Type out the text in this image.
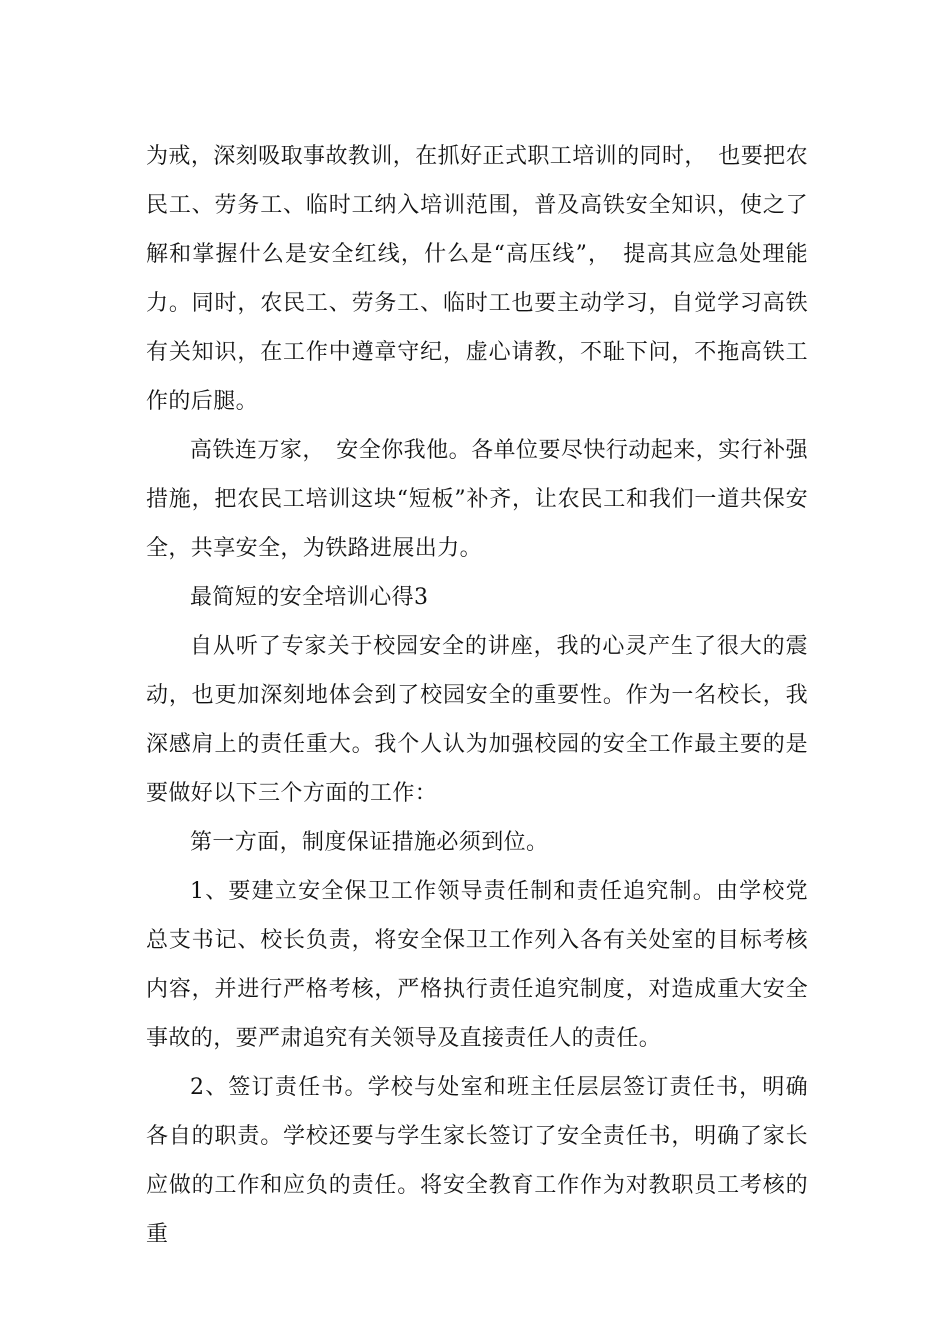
为戒，深刻吸取事故教训，在抓好正式职工培训的同时，　也要把农民工、劳务工、临时工纳入培训范围，普及高铁安全知识，使之了解和掌握什么是安全红线，什么是“高压线”，　提高其应急处理能力。同时，农民工、劳务工、临时工也要主动学习，自觉学习高铁有关知识，在工作中遵章守纪，虚心请教，不耻下问，不拖高铁工作的后腿。

高铁连万家，　安全你我他。各单位要尽快行动起来，实行补强措施，把农民工培训这块“短板”补齐，让农民工和我们一道共保安全，共享安全，为铁路进展出力。

最简短的安全培训心得3

自从听了专家关于校园安全的讲座，我的心灵产生了很大的震动，也更加深刻地体会到了校园安全的重要性。作为一名校长，我深感肩上的责任重大。我个人认为加强校园的安全工作最主要的是要做好以下三个方面的工作：

第一方面，制度保证措施必须到位。

1、要建立安全保卫工作领导责任制和责任追究制。由学校党总支书记、校长负责，将安全保卫工作列入各有关处室的目标考核内容，并进行严格考核，严格执行责任追究制度，对造成重大安全事故的，要严肃追究有关领导及直接责任人的责任。

2、签订责任书。学校与处室和班主任层层签订责任书，明确各自的职责。学校还要与学生家长签订了安全责任书，明确了家长应做的工作和应负的责任。将安全教育工作作为对教职员工考核的重
